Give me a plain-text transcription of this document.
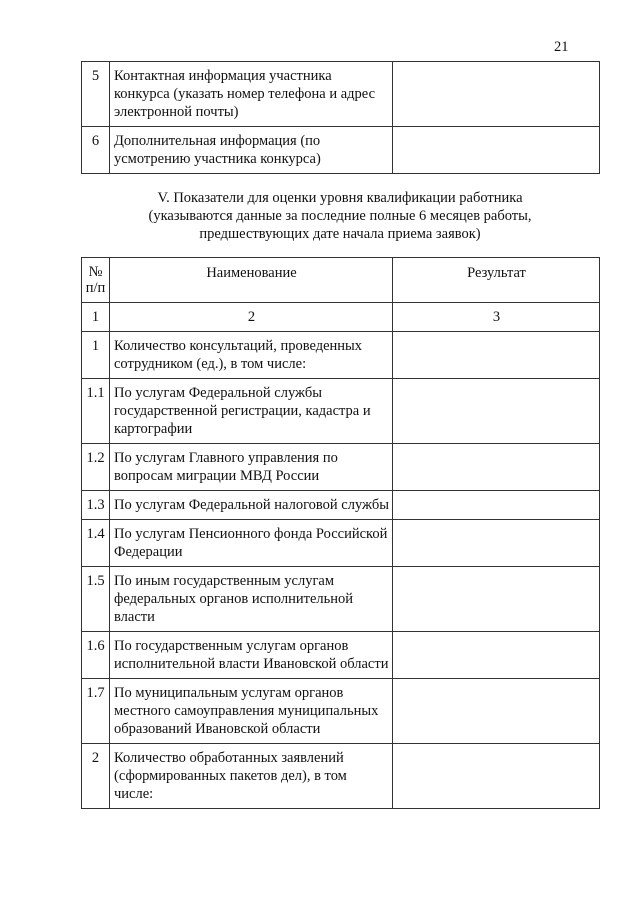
21
5	Контактная информация участника конкурса (указать номер телефона и адрес электронной почты)	
6	Дополнительная информация (по усмотрению участника конкурса)	
V. Показатели для оценки уровня квалификации работника
(указываются данные за последние полные 6 месяцев работы,
предшествующих дате начала приема заявок)
№
п/п	Наименование	Результат
1	2	3
1	Количество консультаций, проведенных сотрудником (ед.), в том числе:	
1.1	По услугам Федеральной службы государственной регистрации, кадастра и картографии	
1.2	По услугам Главного управления по вопросам миграции МВД России	
1.3	По услугам Федеральной налоговой службы	
1.4	По услугам Пенсионного фонда Российской Федерации	
1.5	По иным государственным услугам федеральных органов исполнительной власти	
1.6	По государственным услугам органов исполнительной власти Ивановской области	
1.7	По муниципальным услугам органов местного самоуправления муниципальных образований Ивановской области	
2	Количество обработанных заявлений (сформированных пакетов дел), в том числе:	
